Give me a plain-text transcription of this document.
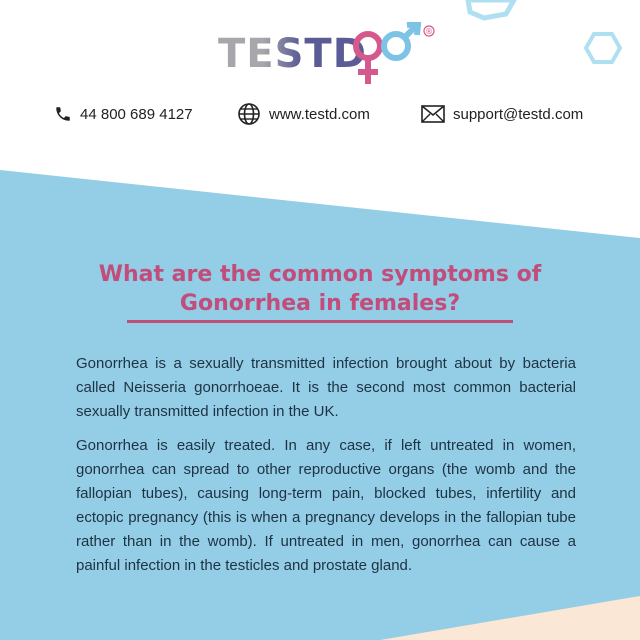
TESTD	®
44 800 689 4127	www.testd.com	support@testd.com
What are the common symptoms of Gonorrhea in females?

Gonorrhea is a sexually transmitted infection brought about by bacteria called Neisseria gonorrhoeae. It is the second most common bacterial sexually transmitted infection in the UK.

Gonorrhea is easily treated. In any case, if left untreated in women, gonorrhea can spread to other reproductive organs (the womb and the fallopian tubes), causing long-term pain, blocked tubes, infertility and ectopic pregnancy (this is when a pregnancy develops in the fallopian tube rather than in the womb). If untreated in men, gonorrhea can cause a painful infection in the testicles and prostate gland.
